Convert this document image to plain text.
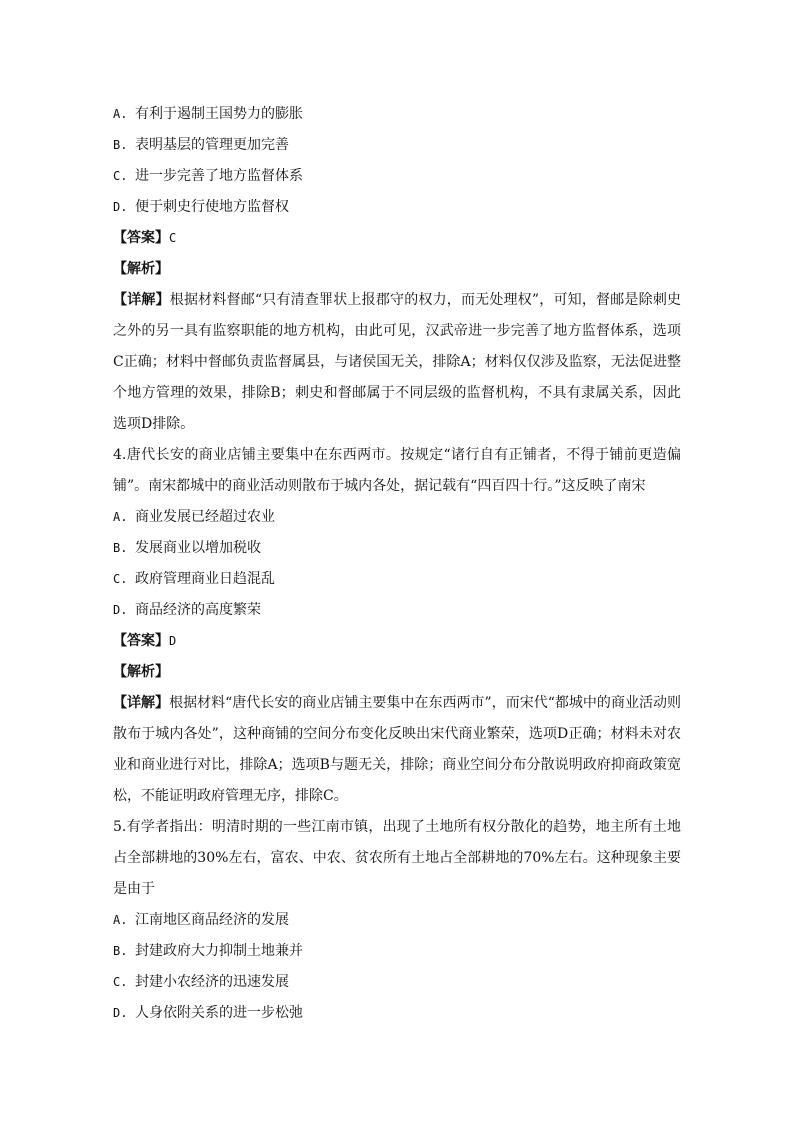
A. 有利于遏制王国势力的膨胀

B. 表明基层的管理更加完善

C. 进一步完善了地方监督体系

D. 便于刺史行使地方监督权

【答案】C

【解析】

【详解】根据材料督邮“只有清查罪状上报郡守的权力，而无处理权”，可知，督邮是除刺史之外的另一具有监察职能的地方机构，由此可见，汉武帝进一步完善了地方监督体系，选项C正确；材料中督邮负责监督属县，与诸侯国无关，排除A；材料仅仅涉及监察，无法促进整个地方管理的效果，排除B；刺史和督邮属于不同层级的监督机构，不具有隶属关系，因此选项D排除。

4.唐代长安的商业店铺主要集中在东西两市。按规定“诸行自有正铺者，不得于铺前更造偏铺”。南宋都城中的商业活动则散布于城内各处，据记载有“四百四十行。”这反映了南宋

A. 商业发展已经超过农业

B. 发展商业以增加税收

C. 政府管理商业日趋混乱

D. 商品经济的高度繁荣

【答案】D

【解析】

【详解】根据材料“唐代长安的商业店铺主要集中在东西两市”，而宋代“都城中的商业活动则散布于城内各处”，这种商铺的空间分布变化反映出宋代商业繁荣，选项D正确；材料未对农业和商业进行对比，排除A；选项B与题无关，排除；商业空间分布分散说明政府抑商政策宽松，不能证明政府管理无序，排除C。

5.有学者指出：明清时期的一些江南市镇，出现了土地所有权分散化的趋势，地主所有土地占全部耕地的30%左右，富农、中农、贫农所有土地占全部耕地的70%左右。这种现象主要是由于

A. 江南地区商品经济的发展

B. 封建政府大力抑制土地兼并

C. 封建小农经济的迅速发展

D. 人身依附关系的进一步松弛
